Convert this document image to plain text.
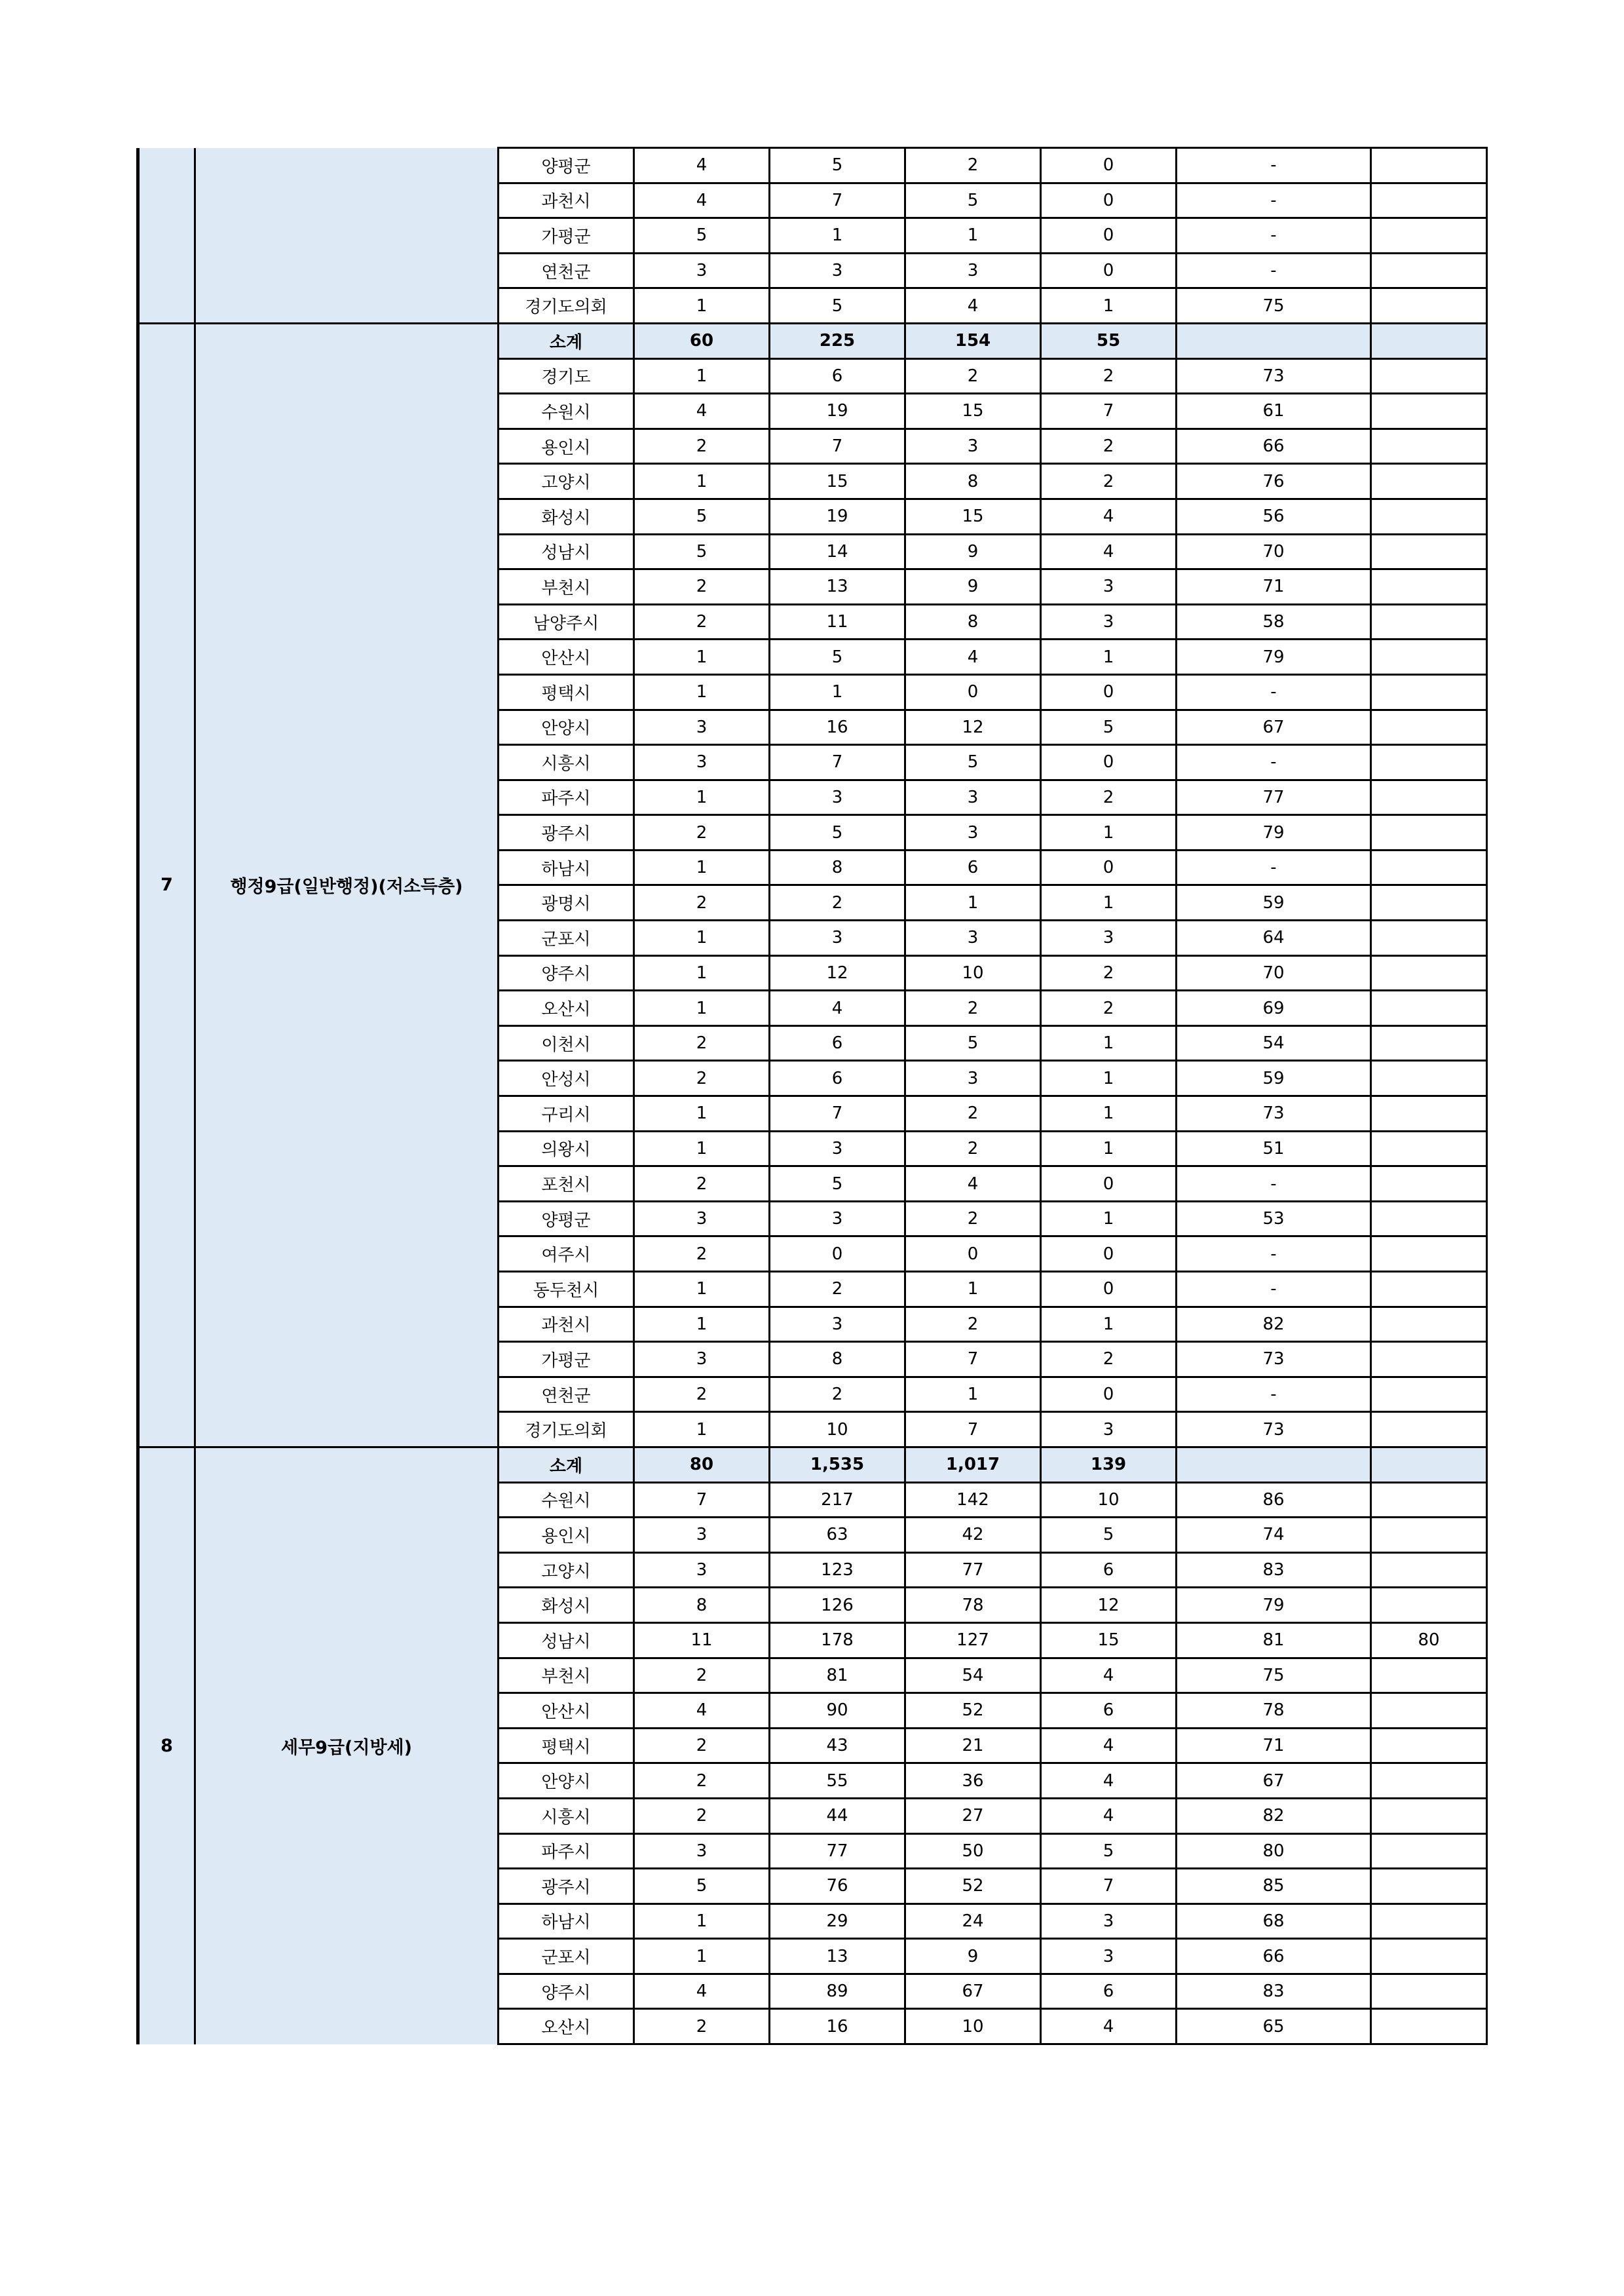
		양평군	4	5	2	0	-	
		과천시	4	7	5	0	-	
		가평군	5	1	1	0	-	
		연천군	3	3	3	0	-	
		경기도의회	1	5	4	1	75	
7	행정9급(일반행정)(저소득층)	소계	60	225	154	55		
		경기도	1	6	2	2	73	
		수원시	4	19	15	7	61	
		용인시	2	7	3	2	66	
		고양시	1	15	8	2	76	
		화성시	5	19	15	4	56	
		성남시	5	14	9	4	70	
		부천시	2	13	9	3	71	
		남양주시	2	11	8	3	58	
		안산시	1	5	4	1	79	
		평택시	1	1	0	0	-	
		안양시	3	16	12	5	67	
		시흥시	3	7	5	0	-	
		파주시	1	3	3	2	77	
		광주시	2	5	3	1	79	
		하남시	1	8	6	0	-	
		광명시	2	2	1	1	59	
		군포시	1	3	3	3	64	
		양주시	1	12	10	2	70	
		오산시	1	4	2	2	69	
		이천시	2	6	5	1	54	
		안성시	2	6	3	1	59	
		구리시	1	7	2	1	73	
		의왕시	1	3	2	1	51	
		포천시	2	5	4	0	-	
		양평군	3	3	2	1	53	
		여주시	2	0	0	0	-	
		동두천시	1	2	1	0	-	
		과천시	1	3	2	1	82	
		가평군	3	8	7	2	73	
		연천군	2	2	1	0	-	
		경기도의회	1	10	7	3	73	
8	세무9급(지방세)	소계	80	1,535	1,017	139		
		수원시	7	217	142	10	86	
		용인시	3	63	42	5	74	
		고양시	3	123	77	6	83	
		화성시	8	126	78	12	79	
		성남시	11	178	127	15	81	80
		부천시	2	81	54	4	75	
		안산시	4	90	52	6	78	
		평택시	2	43	21	4	71	
		안양시	2	55	36	4	67	
		시흥시	2	44	27	4	82	
		파주시	3	77	50	5	80	
		광주시	5	76	52	7	85	
		하남시	1	29	24	3	68	
		군포시	1	13	9	3	66	
		양주시	4	89	67	6	83	
		오산시	2	16	10	4	65	
